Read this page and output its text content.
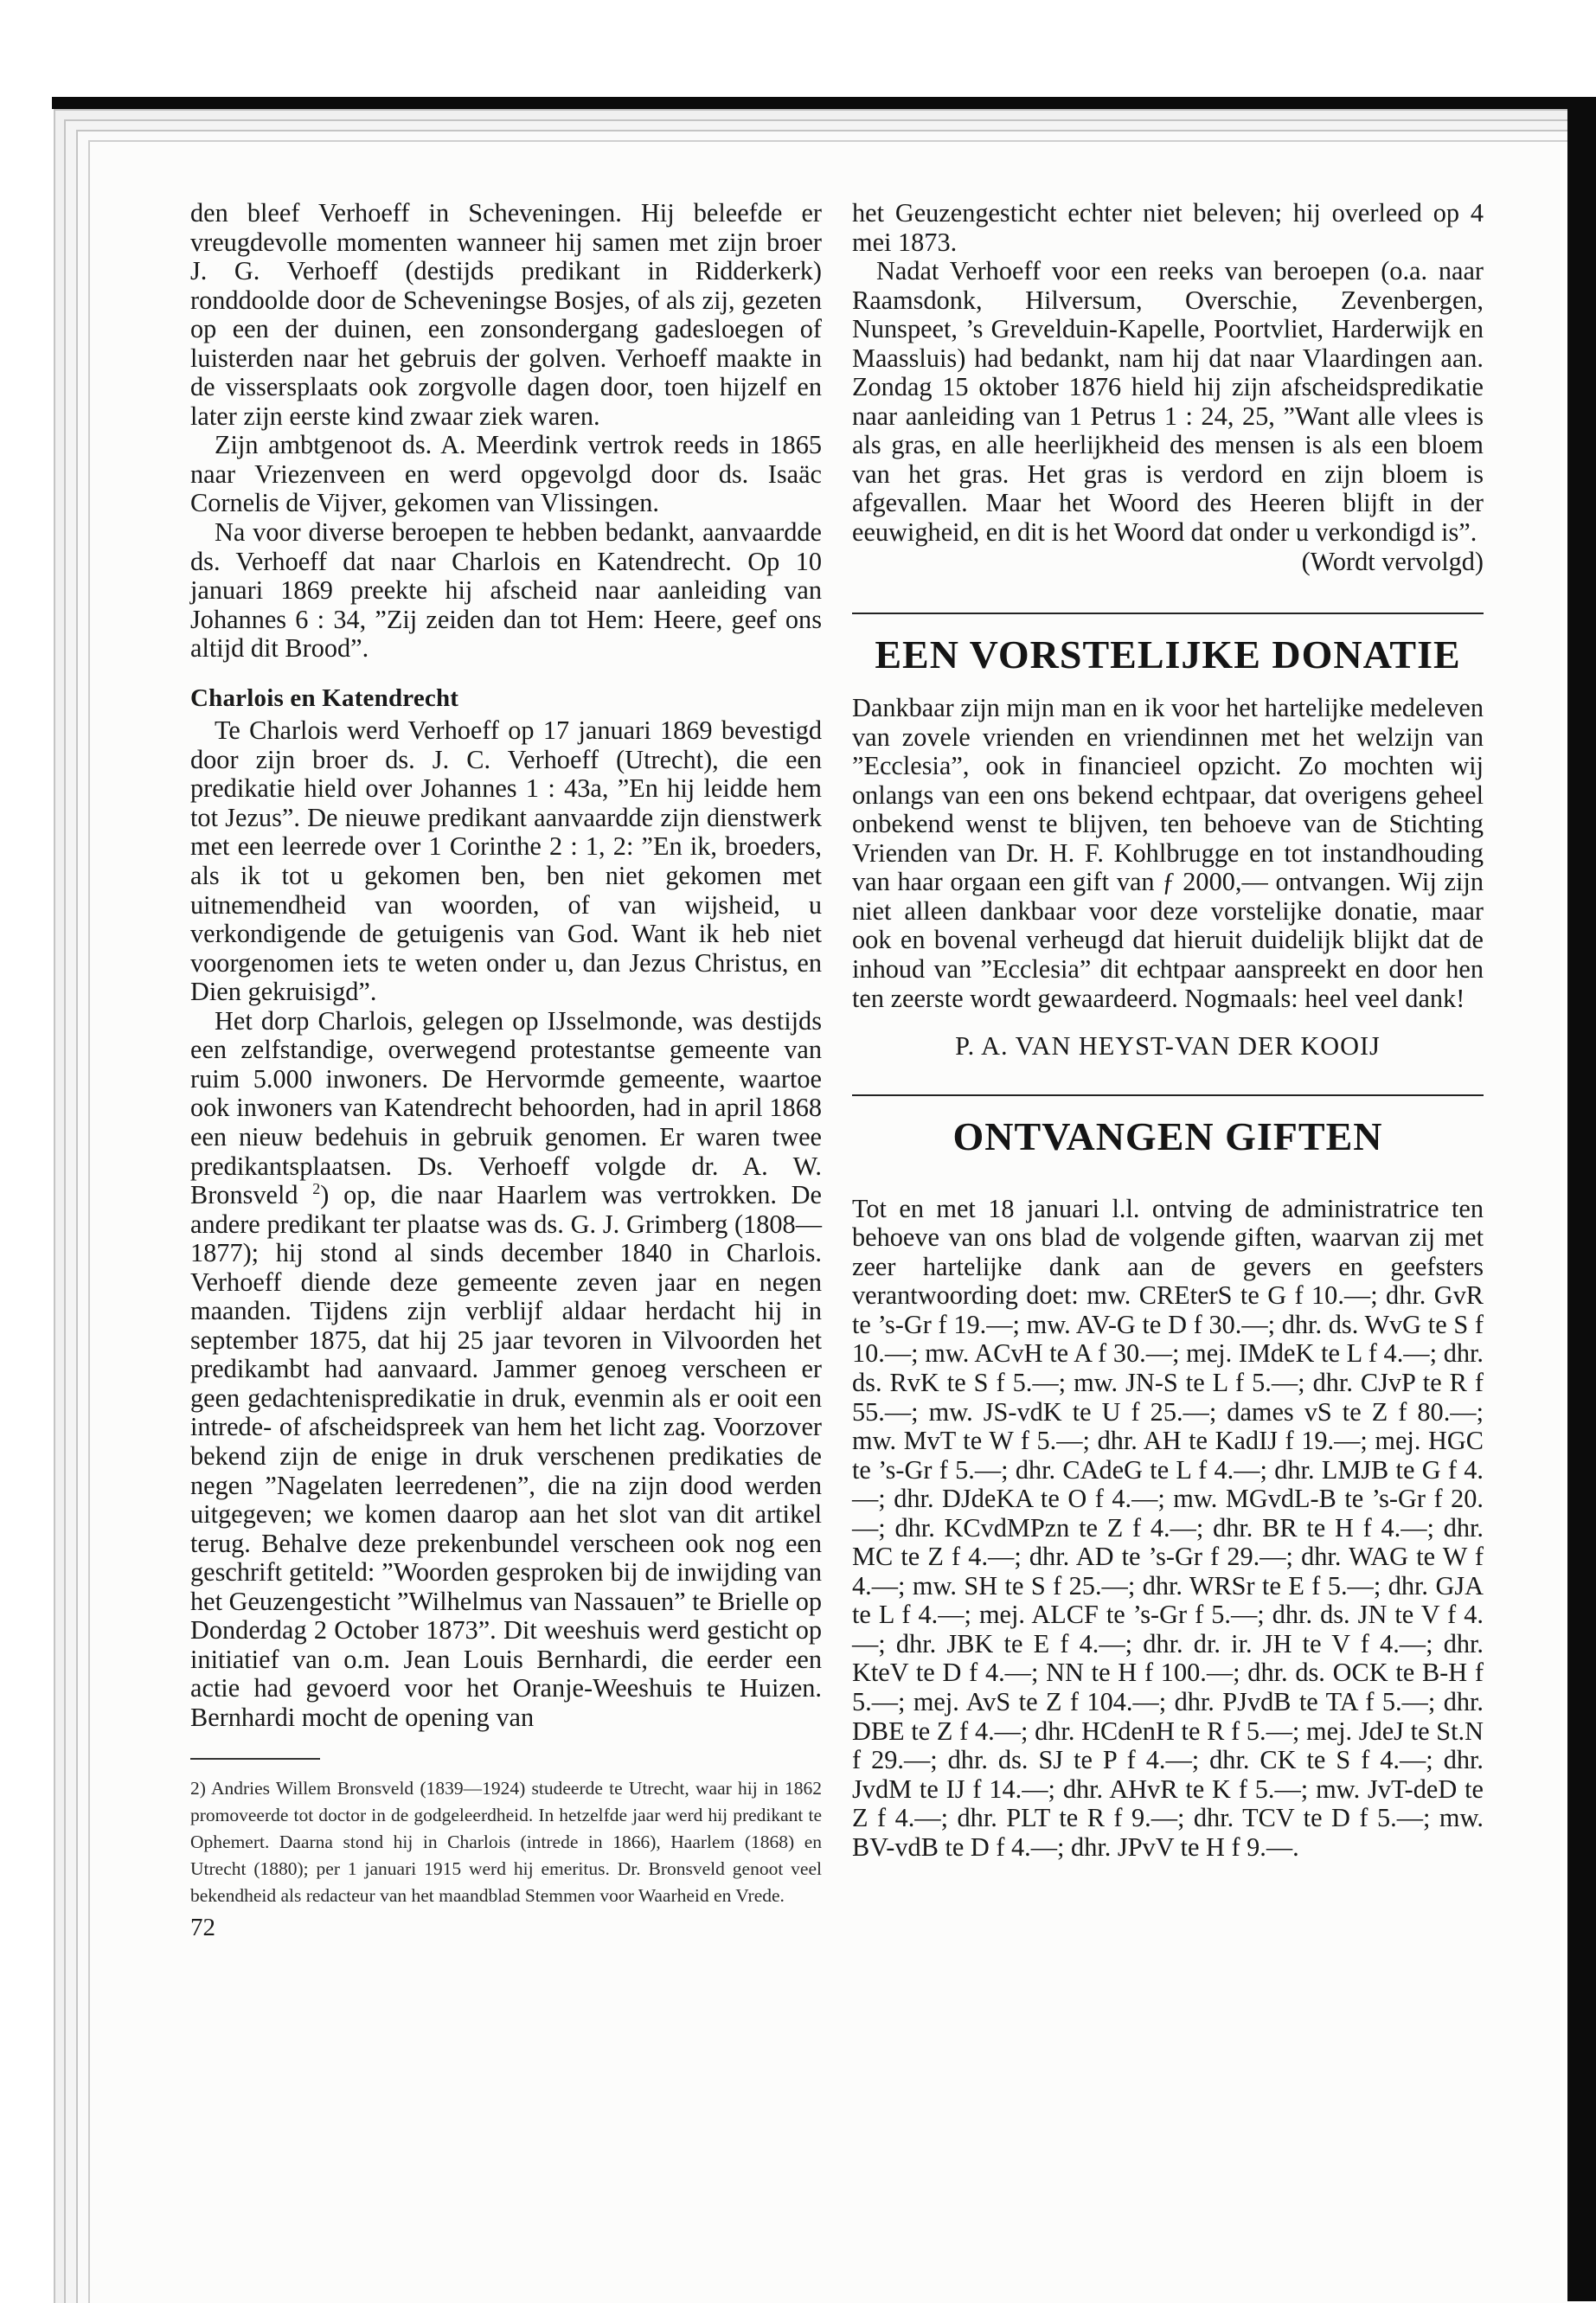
den bleef Verhoeff in Scheveningen. Hij beleefde er vreugdevolle momenten wanneer hij samen met zijn broer J. G. Verhoeff (destijds predikant in Ridderkerk) ronddoolde door de Scheveningse Bosjes, of als zij, gezeten op een der duinen, een zonsondergang gadesloegen of luisterden naar het gebruis der golven. Verhoeff maakte in de vissersplaats ook zorgvolle dagen door, toen hijzelf en later zijn eerste kind zwaar ziek waren.

Zijn ambtgenoot ds. A. Meerdink vertrok reeds in 1865 naar Vriezenveen en werd opgevolgd door ds. Isaäc Cornelis de Vijver, gekomen van Vlissingen.

Na voor diverse beroepen te hebben bedankt, aanvaardde ds. Verhoeff dat naar Charlois en Katendrecht. Op 10 januari 1869 preekte hij afscheid naar aanleiding van Johannes 6 : 34, ”Zij zeiden dan tot Hem: Heere, geef ons altijd dit Brood”.

Charlois en Katendrecht

Te Charlois werd Verhoeff op 17 januari 1869 bevestigd door zijn broer ds. J. C. Verhoeff (Utrecht), die een predikatie hield over Johannes 1 : 43a, ”En hij leidde hem tot Jezus”. De nieuwe predikant aanvaardde zijn dienstwerk met een leerrede over 1 Corinthe 2 : 1, 2: ”En ik, broeders, als ik tot u gekomen ben, ben niet gekomen met uitnemendheid van woorden, of van wijsheid, u verkondigende de getuigenis van God. Want ik heb niet voorgenomen iets te weten onder u, dan Jezus Christus, en Dien gekruisigd”.

Het dorp Charlois, gelegen op IJsselmonde, was destijds een zelfstandige, overwegend protestantse gemeente van ruim 5.000 inwoners. De Hervormde gemeente, waartoe ook inwoners van Katendrecht behoorden, had in april 1868 een nieuw bedehuis in gebruik genomen. Er waren twee predikantsplaatsen. Ds. Verhoeff volgde dr. A. W. Bronsveld $^2$) op, die naar Haarlem was vertrokken. De andere predikant ter plaatse was ds. G. J. Grimberg (1808—1877); hij stond al sinds december 1840 in Charlois. Verhoeff diende deze gemeente zeven jaar en negen maanden. Tijdens zijn verblijf aldaar herdacht hij in september 1875, dat hij 25 jaar tevoren in Vilvoorden het predikambt had aanvaard. Jammer genoeg verscheen er geen gedachtenispredikatie in druk, evenmin als er ooit een intrede- of afscheidspreek van hem het licht zag. Voorzover bekend zijn de enige in druk verschenen predikaties de negen ”Nagelaten leerredenen”, die na zijn dood werden uitgegeven; we komen daarop aan het slot van dit artikel terug. Behalve deze prekenbundel verscheen ook nog een geschrift getiteld: ”Woorden gesproken bij de inwijding van het Geuzengesticht ”Wilhelmus van Nassauen” te Brielle op Donderdag 2 October 1873”. Dit weeshuis werd gesticht op initiatief van o.m. Jean Louis Bernhardi, die eerder een actie had gevoerd voor het Oranje-Weeshuis te Huizen. Bernhardi mocht de opening van

2) Andries Willem Bronsveld (1839—1924) studeerde te Utrecht, waar hij in 1862 promoveerde tot doctor in de godgeleerdheid. In hetzelfde jaar werd hij predikant te Ophemert. Daarna stond hij in Charlois (intrede in 1866), Haarlem (1868) en Utrecht (1880); per 1 januari 1915 werd hij emeritus. Dr. Bronsveld genoot veel bekendheid als redacteur van het maandblad Stemmen voor Waarheid en Vrede.

72

het Geuzengesticht echter niet beleven; hij overleed op 4 mei 1873.

Nadat Verhoeff voor een reeks van beroepen (o.a. naar Raamsdonk, Hilversum, Overschie, Zevenbergen, Nunspeet, ’s Grevelduin-Kapelle, Poortvliet, Harderwijk en Maassluis) had bedankt, nam hij dat naar Vlaardingen aan. Zondag 15 oktober 1876 hield hij zijn afscheidspredikatie naar aanleiding van 1 Petrus 1 : 24, 25, ”Want alle vlees is als gras, en alle heerlijkheid des mensen is als een bloem van het gras. Het gras is verdord en zijn bloem is afgevallen. Maar het Woord des Heeren blijft in der eeuwigheid, en dit is het Woord dat onder u verkondigd is”.

(Wordt vervolgd)

EEN VORSTELIJKE DONATIE

Dankbaar zijn mijn man en ik voor het hartelijke medeleven van zovele vrienden en vriendinnen met het welzijn van ”Ecclesia”, ook in financieel opzicht. Zo mochten wij onlangs van een ons bekend echtpaar, dat overigens geheel onbekend wenst te blijven, ten behoeve van de Stichting Vrienden van Dr. H. F. Kohlbrugge en tot instandhouding van haar orgaan een gift van ƒ 2000,— ontvangen. Wij zijn niet alleen dankbaar voor deze vorstelijke donatie, maar ook en bovenal verheugd dat hieruit duidelijk blijkt dat de inhoud van ”Ecclesia” dit echtpaar aanspreekt en door hen ten zeerste wordt gewaardeerd. Nogmaals: heel veel dank!

P. A. VAN HEYST-VAN DER KOOIJ

ONTVANGEN GIFTEN

Tot en met 18 januari l.l. ontving de administratrice ten behoeve van ons blad de volgende giften, waarvan zij met zeer hartelijke dank aan de gevers en geefsters verantwoording doet: mw. CREterS te G f 10.—; dhr. GvR te ’s-Gr f 19.—; mw. AV-G te D f 30.—; dhr. ds. WvG te S f 10.—; mw. ACvH te A f 30.—; mej. IMdeK te L f 4.—; dhr. ds. RvK te S f 5.—; mw. JN-S te L f 5.—; dhr. CJvP te R f 55.—; mw. JS-vdK te U f 25.—; dames vS te Z f 80.—; mw. MvT te W f 5.—; dhr. AH te KadIJ f 19.—; mej. HGC te ’s-Gr f 5.—; dhr. CAdeG te L f 4.—; dhr. LMJB te G f 4.—; dhr. DJdeKA te O f 4.—; mw. MGvdL-B te ’s-Gr f 20.—; dhr. KCvdMPzn te Z f 4.—; dhr. BR te H f 4.—; dhr. MC te Z f 4.—; dhr. AD te ’s-Gr f 29.—; dhr. WAG te W f 4.—; mw. SH te S f 25.—; dhr. WRSr te E f 5.—; dhr. GJA te L f 4.—; mej. ALCF te ’s-Gr f 5.—; dhr. ds. JN te V f 4.—; dhr. JBK te E f 4.—; dhr. dr. ir. JH te V f 4.—; dhr. KteV te D f 4.—; NN te H f 100.—; dhr. ds. OCK te B-H f 5.—; mej. AvS te Z f 104.—; dhr. PJvdB te TA f 5.—; dhr. DBE te Z f 4.—; dhr. HCdenH te R f 5.—; mej. JdeJ te St.N f 29.—; dhr. ds. SJ te P f 4.—; dhr. CK te S f 4.—; dhr. JvdM te IJ f 14.—; dhr. AHvR te K f 5.—; mw. JvT-deD te Z f 4.—; dhr. PLT te R f 9.—; dhr. TCV te D f 5.—; mw. BV-vdB te D f 4.—; dhr. JPvV te H f 9.—.
